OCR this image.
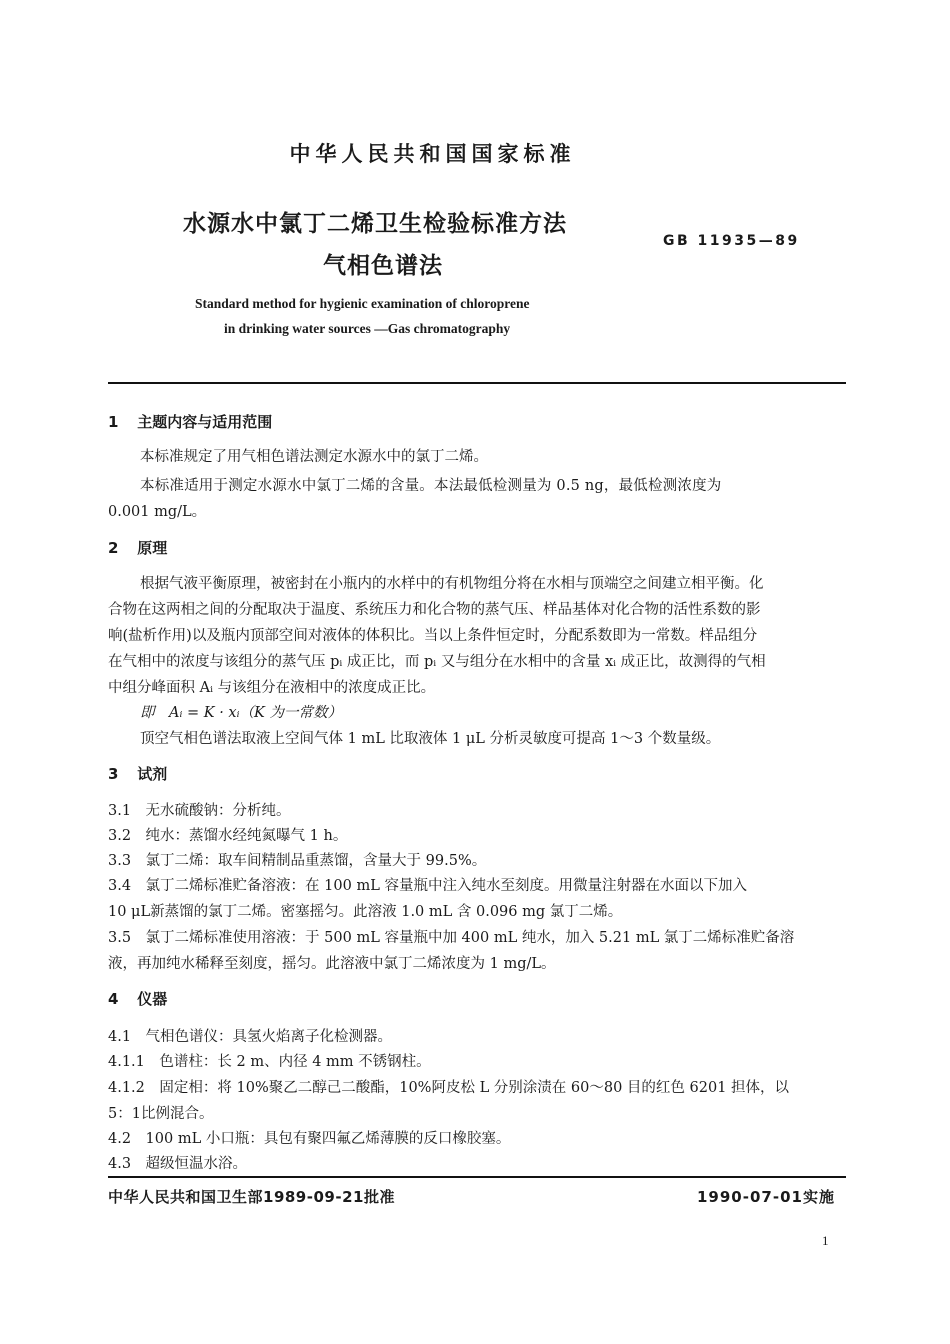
中华人民共和国国家标准
水源水中氯丁二烯卫生检验标准方法
气相色谱法
GB 11935—89
Standard method for hygienic examination of chloroprene
in drinking water sources —Gas chromatography
1 主题内容与适用范围
本标准规定了用气相色谱法测定水源水中的氯丁二烯。
本标准适用于测定水源水中氯丁二烯的含量。本法最低检测量为 0.5 ng，最低检测浓度为
0.001 mg/L。
2 原理
根据气液平衡原理，被密封在小瓶内的水样中的有机物组分将在水相与顶端空之间建立相平衡。化
合物在这两相之间的分配取决于温度、系统压力和化合物的蒸气压、样品基体对化合物的活性系数的影
响(盐析作用)以及瓶内顶部空间对液体的体积比。当以上条件恒定时，分配系数即为一常数。样品组分
在气相中的浓度与该组分的蒸气压 pᵢ 成正比，而 pᵢ 又与组分在水相中的含量 xᵢ 成正比，故测得的气相
中组分峰面积 Aᵢ 与该组分在液相中的浓度成正比。
即　Aᵢ = K · xᵢ（K 为一常数）
顶空气相色谱法取液上空间气体 1 mL 比取液体 1 μL 分析灵敏度可提高 1～3 个数量级。
3 试剂
3.1　无水硫酸钠：分析纯。
3.2　纯水：蒸馏水经纯氮曝气 1 h。
3.3　氯丁二烯：取车间精制品重蒸馏，含量大于 99.5%。
3.4　氯丁二烯标准贮备溶液：在 100 mL 容量瓶中注入纯水至刻度。用微量注射器在水面以下加入
10 μL新蒸馏的氯丁二烯。密塞摇匀。此溶液 1.0 mL 含 0.096 mg 氯丁二烯。
3.5　氯丁二烯标准使用溶液：于 500 mL 容量瓶中加 400 mL 纯水，加入 5.21 mL 氯丁二烯标准贮备溶
液，再加纯水稀释至刻度，摇匀。此溶液中氯丁二烯浓度为 1 mg/L。
4 仪器
4.1　气相色谱仪：具氢火焰离子化检测器。
4.1.1　色谱柱：长 2 m、内径 4 mm 不锈钢柱。
4.1.2　固定相：将 10%聚乙二醇己二酸酯，10%阿皮松 L 分别涂渍在 60～80 目的红色 6201 担体，以
5：1比例混合。
4.2　100 mL 小口瓶：具包有聚四氟乙烯薄膜的反口橡胶塞。
4.3　超级恒温水浴。
中华人民共和国卫生部1989-09-21批准	1990-07-01实施
1
